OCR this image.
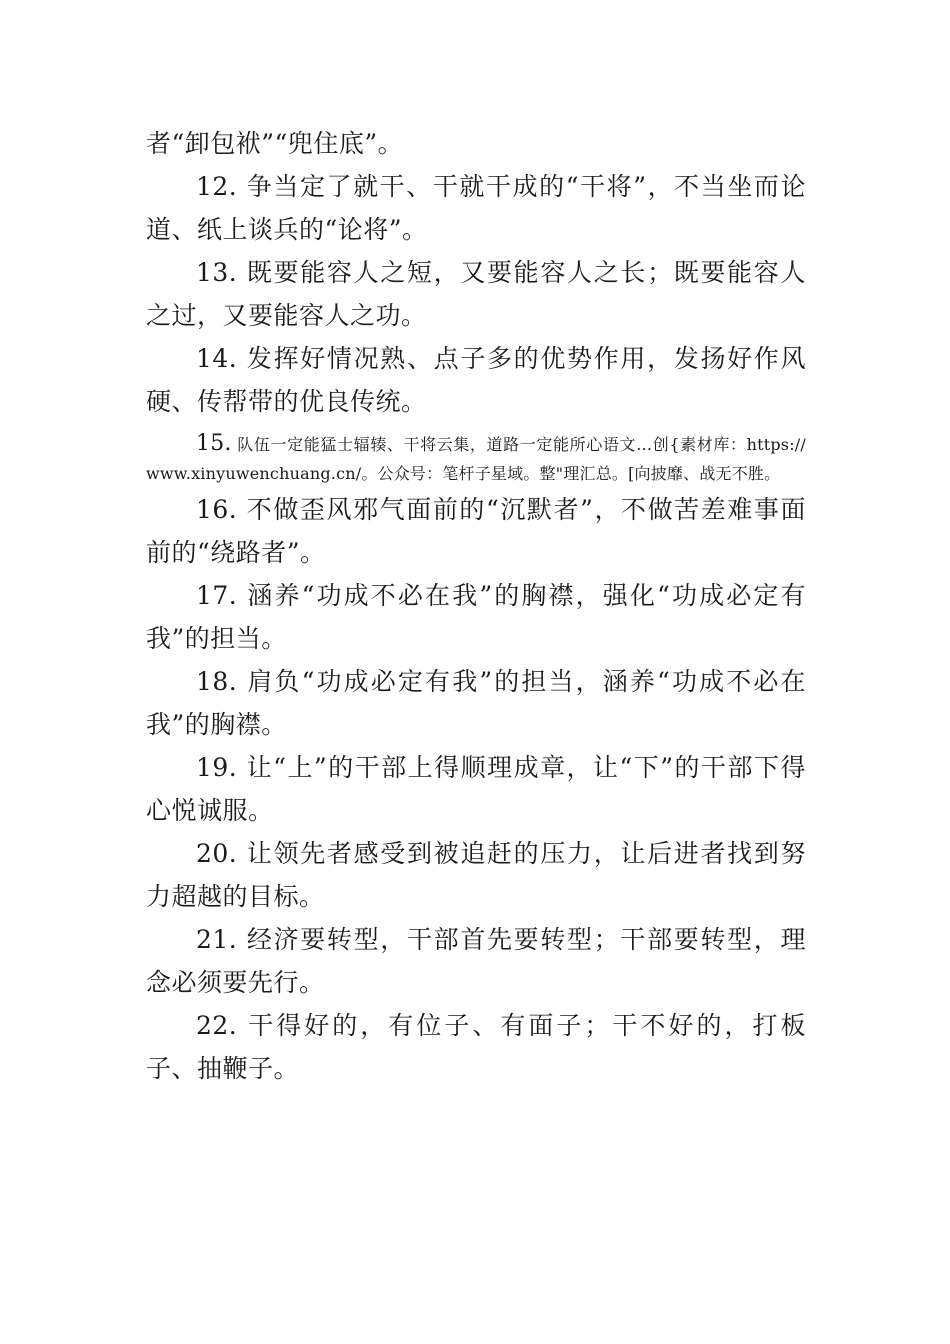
者“卸包袱”“兜住底”。

12. 争当定了就干、干就干成的“干将”，不当坐而论道、纸上谈兵的“论将”。

13. 既要能容人之短，又要能容人之长；既要能容人之过，又要能容人之功。

14. 发挥好情况熟、点子多的优势作用，发扬好作风硬、传帮带的优良传统。

15. 队伍一定能猛士辐辏、干将云集，道路一定能所心语文…创{素材库：https://www.xinyuwenchuang.cn/。公众号：笔杆子星域。整"理汇总。[向披靡、战无不胜。

16. 不做歪风邪气面前的“沉默者”，不做苦差难事面前的“绕路者”。

17. 涵养“功成不必在我”的胸襟，强化“功成必定有我”的担当。

18. 肩负“功成必定有我”的担当，涵养“功成不必在我”的胸襟。

19. 让“上”的干部上得顺理成章，让“下”的干部下得心悦诚服。

20. 让领先者感受到被追赶的压力，让后进者找到努力超越的目标。

21. 经济要转型，干部首先要转型；干部要转型，理念必须要先行。

22. 干得好的，有位子、有面子；干不好的，打板子、抽鞭子。
